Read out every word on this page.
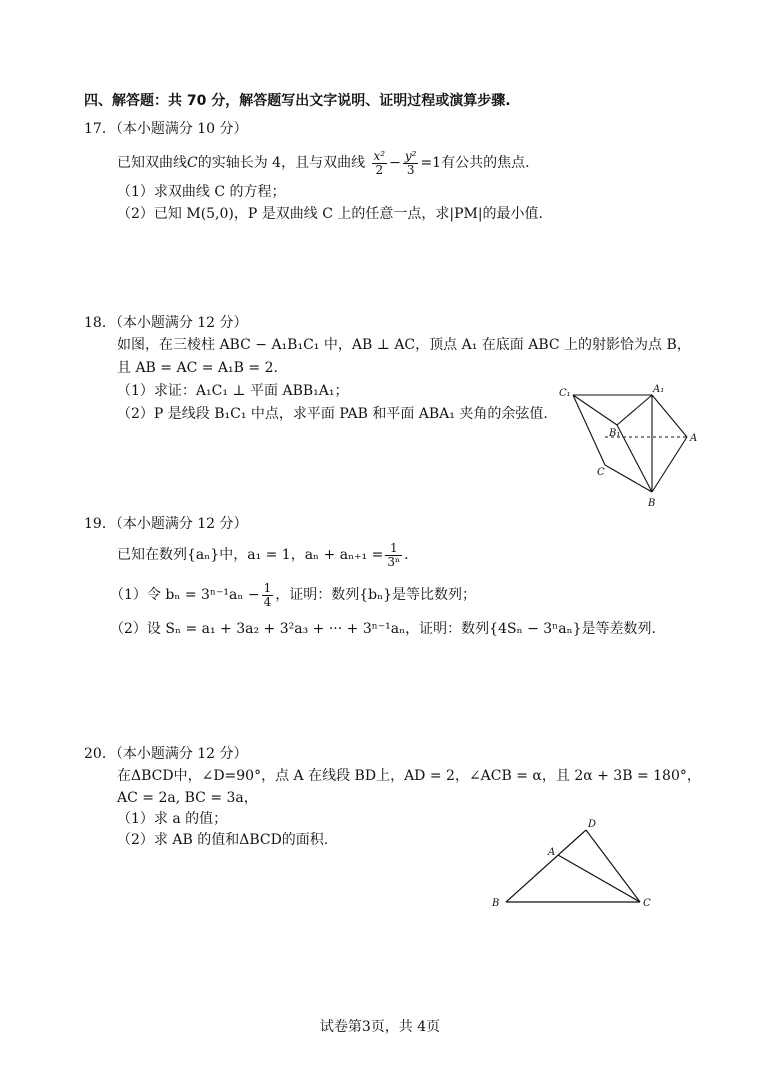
四、解答题：共 70 分，解答题写出文字说明、证明过程或演算步骤.
17．（本小题满分 10 分）
已知双曲线C的实轴长为 4，且与双曲线 $\frac{\text{x²}}{2} - \frac{\text{y²}}{3} =1$有公共的焦点.
（1）求双曲线 C 的方程；
（2）已知 M(5,0)，P 是双曲线 C 上的任意一点，求|PM|的最小值.
18．（本小题满分 12 分）
如图，在三棱柱 ABC − A₁B₁C₁ 中，AB ⊥ AC，顶点 A₁ 在底面 ABC 上的射影恰为点 B，
且 AB = AC = A₁B = 2.
（1）求证：A₁C₁ ⊥ 平面 ABB₁A₁；
（2）P 是线段 B₁C₁ 中点，求平面 PAB 和平面 ABA₁ 夹角的余弦值.
C₁	A₁
B₁
C
A
B
19．（本小题满分 12 分）
已知在数列{aₙ}中，a₁ = 1，$a_n + a_{n+1} = \frac{1}{\text{3ⁿ}}$ .
（1）令 $b_n = 3^{n-1}a_n - \frac{1}{4}$ ，证明：数列{bₙ}是等比数列；
（2）设 Sₙ = a₁ + 3a₂ + 3²a₃ + ··· + 3ⁿ⁻¹aₙ，证明：数列{4Sₙ − 3ⁿaₙ}是等差数列.
20．（本小题满分 12 分）
在ΔBCD中，∠D=90°，点 A 在线段 BD上，AD = 2，∠ACB = α，且 2α + 3B = 180°，
AC = 2a, BC = 3a，
（1）求 a 的值；
（2）求 AB 的值和ΔBCD的面积.
D
A
B	C
试卷第3页，共 4页
